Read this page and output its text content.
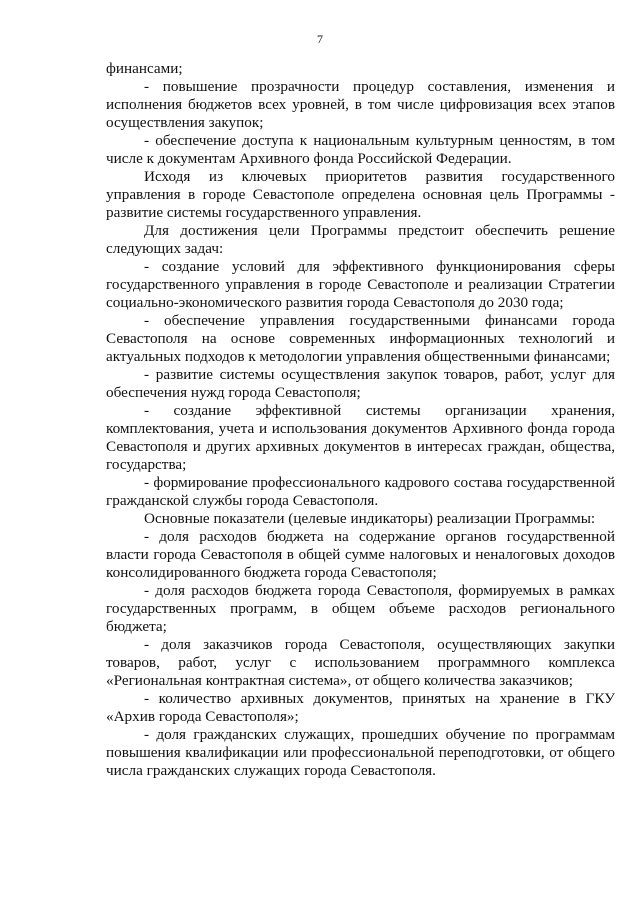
7

финансами;

- повышение прозрачности процедур составления, изменения и исполнения бюджетов всех уровней, в том числе цифровизация всех этапов осуществления закупок;

- обеспечение доступа к национальным культурным ценностям, в том числе к документам Архивного фонда Российской Федерации.

Исходя из ключевых приоритетов развития государственного управления в городе Севастополе определена основная цель Программы - развитие системы государственного управления.

Для достижения цели Программы предстоит обеспечить решение следующих задач:

- создание условий для эффективного функционирования сферы государственного управления в городе Севастополе и реализации Стратегии социально-экономического развития города Севастополя до 2030 года;

- обеспечение управления государственными финансами города Севастополя на основе современных информационных технологий и актуальных подходов к методологии управления общественными финансами;

- развитие системы осуществления закупок товаров, работ, услуг для обеспечения нужд города Севастополя;

- создание эффективной системы организации хранения, комплектования, учета и использования документов Архивного фонда города Севастополя и других архивных документов в интересах граждан, общества, государства;

- формирование профессионального кадрового состава государственной гражданской службы города Севастополя.

Основные показатели (целевые индикаторы) реализации Программы:

- доля расходов бюджета на содержание органов государственной власти города Севастополя в общей сумме налоговых и неналоговых доходов консолидированного бюджета города Севастополя;

- доля расходов бюджета города Севастополя, формируемых в рамках государственных программ, в общем объеме расходов регионального бюджета;

- доля заказчиков города Севастополя, осуществляющих закупки товаров, работ, услуг с использованием программного комплекса «Региональная контрактная система», от общего количества заказчиков;

- количество архивных документов, принятых на хранение в ГКУ «Архив города Севастополя»;

- доля гражданских служащих, прошедших обучение по программам повышения квалификации или профессиональной переподготовки, от общего числа гражданских служащих города Севастополя.
